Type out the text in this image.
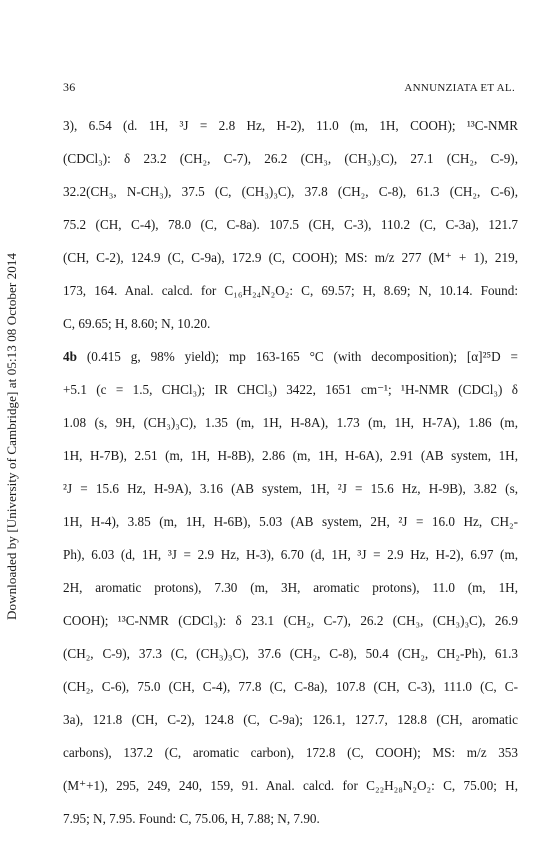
36	ANNUNZIATA ET AL.
Downloaded by [University of Cambridge] at 05:13 08 October 2014
3), 6.54 (d. 1H, ³J = 2.8 Hz, H-2), 11.0 (m, 1H, COOH); ¹³C-NMR
(CDCl₃): δ 23.2 (CH₂, C-7), 26.2 (CH₃, (CH₃)₃C), 27.1 (CH₂, C-9),
32.2(CH₃, N-CH₃), 37.5 (C, (CH₃)₃C), 37.8 (CH₂, C-8), 61.3 (CH₂, C-6),
75.2 (CH, C-4), 78.0 (C, C-8a). 107.5 (CH, C-3), 110.2 (C, C-3a), 121.7
(CH, C-2), 124.9 (C, C-9a), 172.9 (C, COOH); MS: m/z 277 (M⁺ + 1), 219,
173, 164. Anal. calcd. for C₁₆H₂₄N₂O₂: C, 69.57; H, 8.69; N, 10.14. Found:
C, 69.65; H, 8.60; N, 10.20.
4b (0.415 g, 98% yield); mp 163-165 °C (with decomposition); [α]²⁵D =
+5.1 (c = 1.5, CHCl₃); IR CHCl₃) 3422, 1651 cm⁻¹; ¹H-NMR (CDCl₃) δ
1.08 (s, 9H, (CH₃)₃C), 1.35 (m, 1H, H-8A), 1.73 (m, 1H, H-7A), 1.86 (m,
1H, H-7B), 2.51 (m, 1H, H-8B), 2.86 (m, 1H, H-6A), 2.91 (AB system, 1H,
²J = 15.6 Hz, H-9A), 3.16 (AB system, 1H, ²J = 15.6 Hz, H-9B), 3.82 (s,
1H, H-4), 3.85 (m, 1H, H-6B), 5.03 (AB system, 2H, ²J = 16.0 Hz, CH₂-
Ph), 6.03 (d, 1H, ³J = 2.9 Hz, H-3), 6.70 (d, 1H, ³J = 2.9 Hz, H-2), 6.97 (m,
2H, aromatic protons), 7.30 (m, 3H, aromatic protons), 11.0 (m, 1H,
COOH); ¹³C-NMR (CDCl₃): δ 23.1 (CH₂, C-7), 26.2 (CH₃, (CH₃)₃C), 26.9
(CH₂, C-9), 37.3 (C, (CH₃)₃C), 37.6 (CH₂, C-8), 50.4 (CH₂, CH₂-Ph), 61.3
(CH₂, C-6), 75.0 (CH, C-4), 77.8 (C, C-8a), 107.8 (CH, C-3), 111.0 (C, C-
3a), 121.8 (CH, C-2), 124.8 (C, C-9a); 126.1, 127.7, 128.8 (CH, aromatic
carbons), 137.2 (C, aromatic carbon), 172.8 (C, COOH); MS: m/z 353
(M⁺+1), 295, 249, 240, 159, 91. Anal. calcd. for C₂₂H₂₈N₂O₂: C, 75.00; H,
7.95; N, 7.95. Found: C, 75.06, H, 7.88; N, 7.90.
